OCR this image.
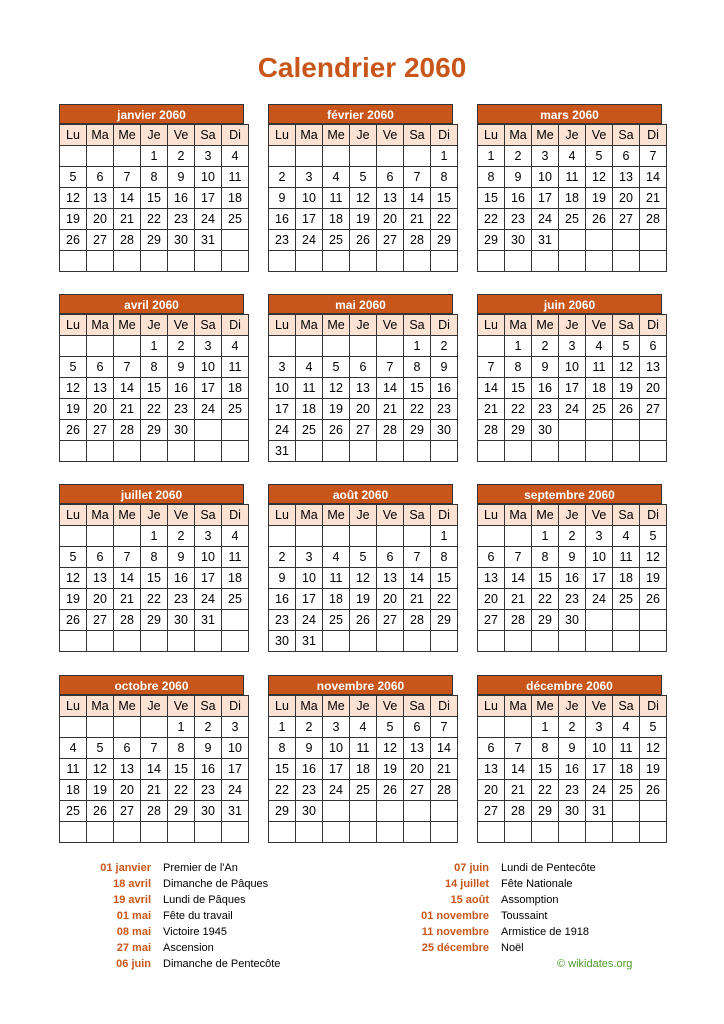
Calendrier 2060
janvier 2060
Lu	Ma	Me	Je	Ve	Sa	Di
			1	2	3	4
5	6	7	8	9	10	11
12	13	14	15	16	17	18
19	20	21	22	23	24	25
26	27	28	29	30	31	

février 2060
Lu	Ma	Me	Je	Ve	Sa	Di
						1
2	3	4	5	6	7	8
9	10	11	12	13	14	15
16	17	18	19	20	21	22
23	24	25	26	27	28	29

mars 2060
Lu	Ma	Me	Je	Ve	Sa	Di
1	2	3	4	5	6	7
8	9	10	11	12	13	14
15	16	17	18	19	20	21
22	23	24	25	26	27	28
29	30	31				

avril 2060
Lu	Ma	Me	Je	Ve	Sa	Di
			1	2	3	4
5	6	7	8	9	10	11
12	13	14	15	16	17	18
19	20	21	22	23	24	25
26	27	28	29	30		

mai 2060
Lu	Ma	Me	Je	Ve	Sa	Di
					1	2
3	4	5	6	7	8	9
10	11	12	13	14	15	16
17	18	19	20	21	22	23
24	25	26	27	28	29	30
31						
juin 2060
Lu	Ma	Me	Je	Ve	Sa	Di
	1	2	3	4	5	6
7	8	9	10	11	12	13
14	15	16	17	18	19	20
21	22	23	24	25	26	27
28	29	30				

juillet 2060
Lu	Ma	Me	Je	Ve	Sa	Di
			1	2	3	4
5	6	7	8	9	10	11
12	13	14	15	16	17	18
19	20	21	22	23	24	25
26	27	28	29	30	31	

août 2060
Lu	Ma	Me	Je	Ve	Sa	Di
						1
2	3	4	5	6	7	8
9	10	11	12	13	14	15
16	17	18	19	20	21	22
23	24	25	26	27	28	29
30	31					
septembre 2060
Lu	Ma	Me	Je	Ve	Sa	Di
		1	2	3	4	5
6	7	8	9	10	11	12
13	14	15	16	17	18	19
20	21	22	23	24	25	26
27	28	29	30			

octobre 2060
Lu	Ma	Me	Je	Ve	Sa	Di
				1	2	3
4	5	6	7	8	9	10
11	12	13	14	15	16	17
18	19	20	21	22	23	24
25	26	27	28	29	30	31

novembre 2060
Lu	Ma	Me	Je	Ve	Sa	Di
1	2	3	4	5	6	7
8	9	10	11	12	13	14
15	16	17	18	19	20	21
22	23	24	25	26	27	28
29	30					

décembre 2060
Lu	Ma	Me	Je	Ve	Sa	Di
		1	2	3	4	5
6	7	8	9	10	11	12
13	14	15	16	17	18	19
20	21	22	23	24	25	26
27	28	29	30	31		

01 janvier	Premier de l'An
18 avril	Dimanche de Pâques
19 avril	Lundi de Pâques
01 mai	Fête du travail
08 mai	Victoire 1945
27 mai	Ascension
06 juin	Dimanche de Pentecôte
07 juin	Lundi de Pentecôte
14 juillet	Fête Nationale
15 août	Assomption
01 novembre	Toussaint
11 novembre	Armistice de 1918
25 décembre	Noël
© wikidates.org
